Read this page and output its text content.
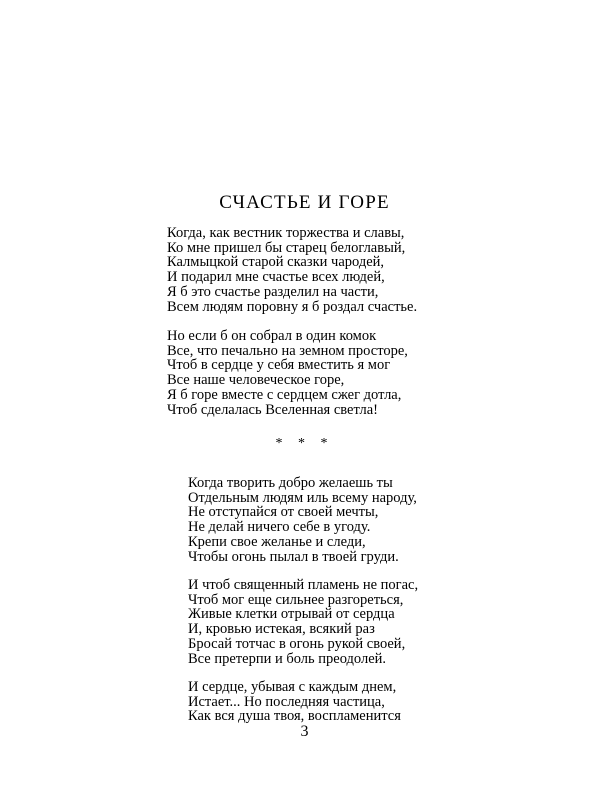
СЧАСТЬЕ И ГОРЕ
Когда, как вестник торжества и славы,
Ко мне пришел бы старец белоглавый,
Калмыцкой старой сказки чародей,
И подарил мне счастье всех людей,
Я б это счастье разделил на части,
Всем людям поровну я б роздал счастье.
Но если б он собрал в один комок
Все, что печально на земном просторе,
Чтоб в сердце у себя вместить я мог
Все наше человеческое горе,
Я б горе вместе с сердцем сжег дотла,
Чтоб сделалась Вселенная светла!
* * *
Когда творить добро желаешь ты
Отдельным людям иль всему народу,
Не отступайся от своей мечты,
Не делай ничего себе в угоду.
Крепи свое желанье и следи,
Чтобы огонь пылал в твоей груди.
И чтоб священный пламень не погас,
Чтоб мог еще сильнее разгореться,
Живые клетки отрывай от сердца
И, кровью истекая, всякий раз
Бросай тотчас в огонь рукой своей,
Все претерпи и боль преодолей.
И сердце, убывая с каждым днем,
Истает... Но последняя частица,
Как вся душа твоя, воспламенится
3
